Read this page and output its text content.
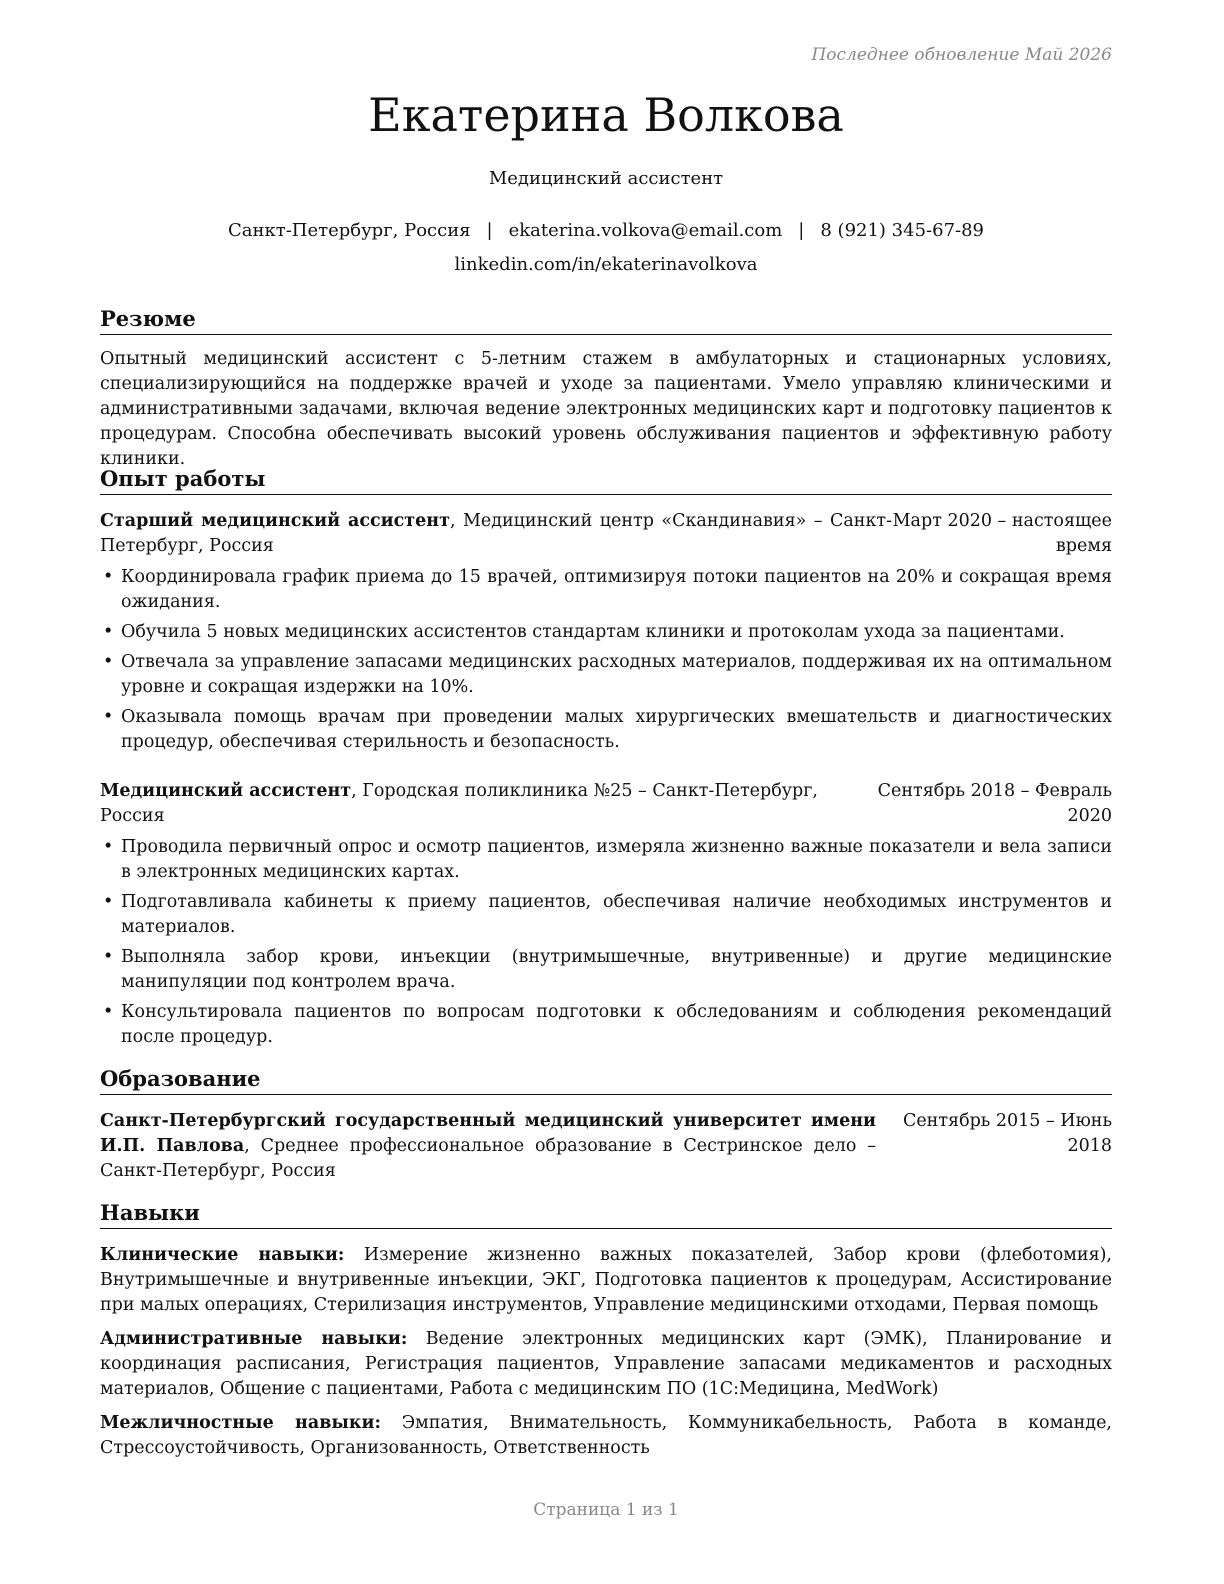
Последнее обновление Май 2026
Екатерина Волкова
Медицинский ассистент
Санкт-Петербург, Россия | ekaterina.volkova@email.com | 8 (921) 345-67-89
linkedin.com/in/ekaterinavolkova
Резюме
Опытный медицинский ассистент с 5-летним стажем в амбулаторных и стационарных условиях, специализирующийся на поддержке врачей и уходе за пациентами. Умело управляю клиническими и административными задачами, включая ведение электронных медицинских карт и подготовку пациентов к процедурам. Способна обеспечивать высокий уровень обслуживания пациентов и эффективную работу клиники.
Опыт работы
Старший медицинский ассистент, Медицинский центр «Скандинавия» – Санкт-Петербург, Россия
Март 2020 – настоящее время
• Координировала график приема до 15 врачей, оптимизируя потоки пациентов на 20% и сокращая время ожидания.
• Обучила 5 новых медицинских ассистентов стандартам клиники и протоколам ухода за пациентами.
• Отвечала за управление запасами медицинских расходных материалов, поддерживая их на оптимальном уровне и сокращая издержки на 10%.
• Оказывала помощь врачам при проведении малых хирургических вмешательств и диагностических процедур, обеспечивая стерильность и безопасность.
Медицинский ассистент, Городская поликлиника №25 – Санкт-Петербург, Россия
Сентябрь 2018 – Февраль 2020
• Проводила первичный опрос и осмотр пациентов, измеряла жизненно важные показатели и вела записи в электронных медицинских картах.
• Подготавливала кабинеты к приему пациентов, обеспечивая наличие необходимых инструментов и материалов.
• Выполняла забор крови, инъекции (внутримышечные, внутривенные) и другие медицинские манипуляции под контролем врача.
• Консультировала пациентов по вопросам подготовки к обследованиям и соблюдения рекомендаций после процедур.
Образование
Санкт-Петербургский государственный медицинский университет имени И.П. Павлова, Среднее профессиональное образование в Сестринское дело – Санкт-Петербург, Россия
Сентябрь 2015 – Июнь 2018
Навыки
Клинические навыки: Измерение жизненно важных показателей, Забор крови (флеботомия), Внутримышечные и внутривенные инъекции, ЭКГ, Подготовка пациентов к процедурам, Ассистирование при малых операциях, Стерилизация инструментов, Управление медицинскими отходами, Первая помощь
Административные навыки: Ведение электронных медицинских карт (ЭМК), Планирование и координация расписания, Регистрация пациентов, Управление запасами медикаментов и расходных материалов, Общение с пациентами, Работа с медицинским ПО (1С:Медицина, MedWork)
Межличностные навыки: Эмпатия, Внимательность, Коммуникабельность, Работа в команде, Стрессоустойчивость, Организованность, Ответственность
Страница 1 из 1
